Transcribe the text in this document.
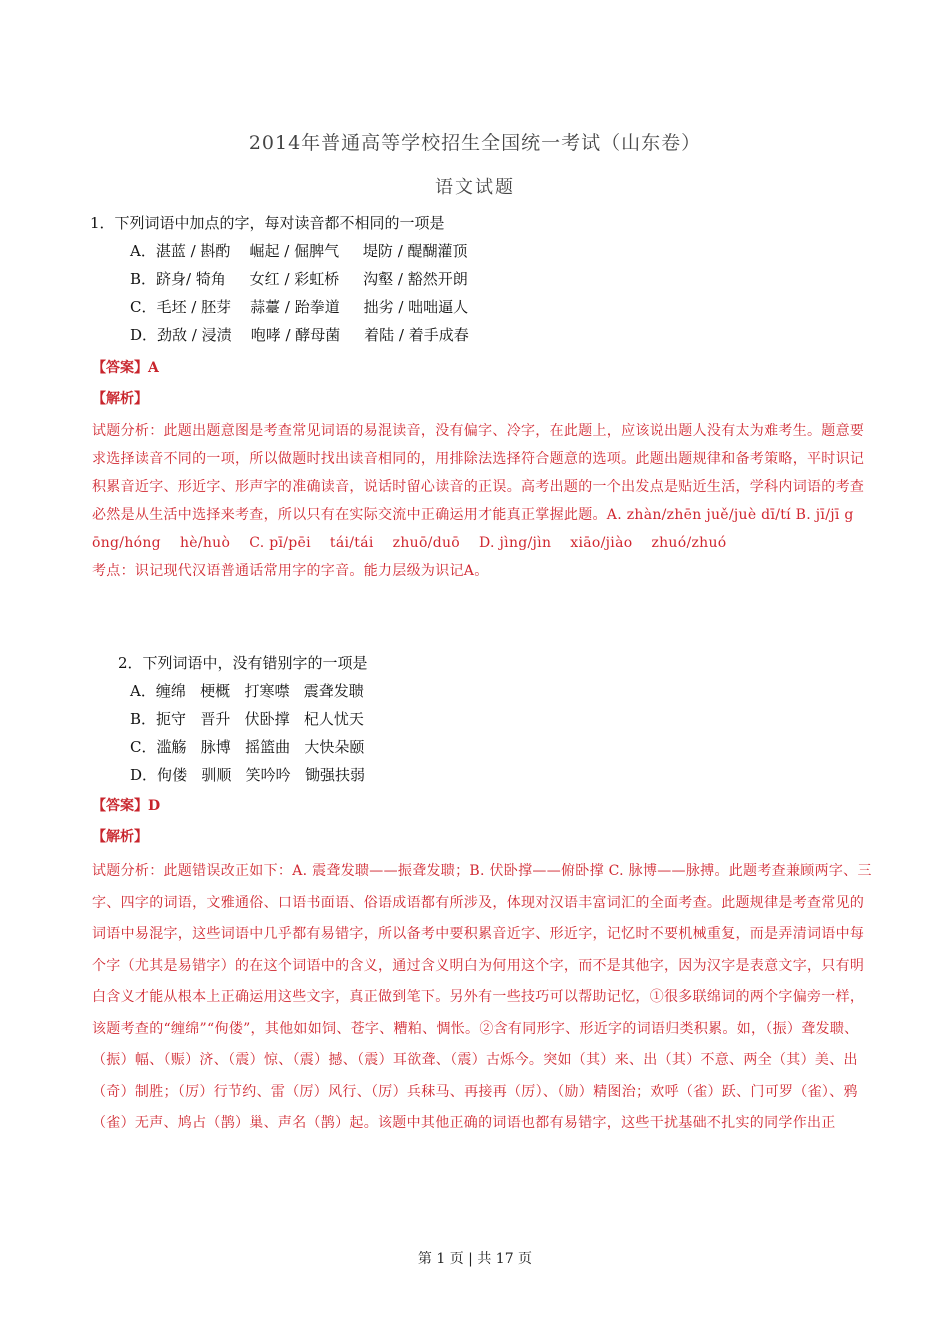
2014年普通高等学校招生全国统一考试（山东卷）
语文试题
1．下列词语中加点的字，每对读音都不相同的一项是
A．湛蓝 / 斟酌    崛起 / 倔脾气     堤防 / 醍醐灌顶
B．跻身/ 犄角     女红 / 彩虹桥     沟壑 / 豁然开朗
C．毛坯 / 胚芽    蒜薹 / 跆拳道     拙劣 / 咄咄逼人
D．劲敌 / 浸渍    咆哮 / 酵母菌     着陆 / 着手成春
【答案】A
【解析】

试题分析：此题出题意图是考查常见词语的易混读音，没有偏字、冷字，在此题上，应该说出题人没有太为难考生。题意要求选择读音不同的一项，所以做题时找出读音相同的，用排除法选择符合题意的选项。此题出题规律和备考策略，平时识记积累音近字、形近字、形声字的准确读音，说话时留心读音的正误。高考出题的一个出发点是贴近生活，学科内词语的考查必然是从生活中选择来考查，所以只有在实际交流中正确运用才能真正掌握此题。A. zhàn/zhēn juě/juè dī/tí B. jī/jī g

ōng/hóng    hè/huò    C. pī/pēi    tái/tái    zhuō/duō    D. jìng/jìn    xiāo/jiào    zhuó/zhuó

考点：识记现代汉语普通话常用字的字音。能力层级为识记A。

2．下列词语中，没有错别字的一项是
A．缠绵   梗概   打寒噤   震聋发聩
B．扼守   晋升   伏卧撑   杞人忧天
C．滥觞   脉博   摇篮曲   大快朵颐
D．佝偻   驯顺   笑吟吟   锄强扶弱
【答案】D
【解析】

试题分析：此题错误改正如下：A. 震聋发聩——振聋发聩；B. 伏卧撑——俯卧撑 C. 脉博——脉搏。此题考查兼顾两字、三字、四字的词语，文雅通俗、口语书面语、俗语成语都有所涉及，体现对汉语丰富词汇的全面考查。此题规律是考查常见的词语中易混字，这些词语中几乎都有易错字，所以备考中要积累音近字、形近字，记忆时不要机械重复，而是弄清词语中每个字（尤其是易错字）的在这个词语中的含义，通过含义明白为何用这个字，而不是其他字，因为汉字是表意文字，只有明白含义才能从根本上正确运用这些文字，真正做到笔下。另外有一些技巧可以帮助记忆，①很多联绵词的两个字偏旁一样，该题考查的“缠绵”“佝偻”，其他如如饲、苍字、糟粕、惆怅。②含有同形字、形近字的词语归类积累。如，（振）聋发聩、（振）幅、（赈）济、（震）惊、（震）撼、（震）耳欲聋、（震）古烁今。突如（其）来、出（其）不意、两全（其）美、出（奇）制胜；（厉）行节约、雷（厉）风行、（厉）兵秣马、再接再（厉）、（励）精图治；欢呼（雀）跃、门可罗（雀）、鸦（雀）无声、鸠占（鹊）巢、声名（鹊）起。该题中其他正确的词语也都有易错字，这些干扰基础不扎实的同学作出正

第 1 页 | 共 17 页
